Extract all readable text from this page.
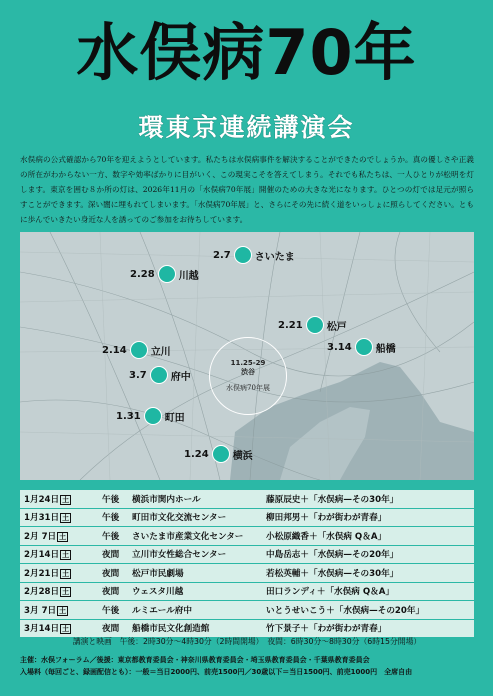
水俣病70年
環東京連続講演会
水俣病の公式確認から70年を迎えようとしています。私たちは水俣病事件を解決することができたのでしょうか。真の優しさや正義の所在がわからない一方、数字や効率ばかりに目がいく、この現実こそを答えてしまう。それでも私たちは、一人ひとりが松明を灯します。東京を囲む８か所の灯は、2026年11月の「水俣病70年展」開催のための大きな光になります。ひとつの灯では足元が照らすことができます。深い闇に埋もれてしまいます。「水俣病70年展」と、さらにその先に続く道をいっしょに照らしてください。ともに歩んでいきたい身近な人を誘ってのご参加をお待ちしています。
11.25-29
渋谷
水俣病70年展
2.7 さいたま
2.28 川越
2.21 松戸
3.14 船橋
2.14 立川
3.7 府中
1.31 町田
1.24 横浜
1月24日 土	午後	横浜市関内ホール	藤原辰史＋「水俣病—その30年」
1月31日 土	午後	町田市文化交流センター	柳田邦男＋「わが街わが青春」
2月 7日 土	午後	さいたま市産業文化センター	小松原織香＋「水俣病 Q＆A」
2月14日 土	夜間	立川市女性総合センター	中島岳志＋「水俣病—その20年」
2月21日 土	夜間	松戸市民劇場	若松英輔＋「水俣病—その30年」
2月28日 土	夜間	ウェスタ川越	田口ランディ＋「水俣病 Q＆A」
3月 7日 土	午後	ルミエール府中	いとうせいこう＋「水俣病—その20年」
3月14日 土	夜間	船橋市民文化創造館	竹下景子＋「わが街わが青春」
講演と映画　午後：2時30分～4時30分（2時間開場）　夜間：6時30分～8時30分（6時15分開場）
主催：水俣フォーラム／後援：東京都教育委員会・神奈川県教育委員会・埼玉県教育委員会・千葉県教育委員会
入場料（毎回ごと、録画配信とも）：一般＝当日2000円、前売1500円／30歳以下＝当日1500円、前売1000円　全席自由
